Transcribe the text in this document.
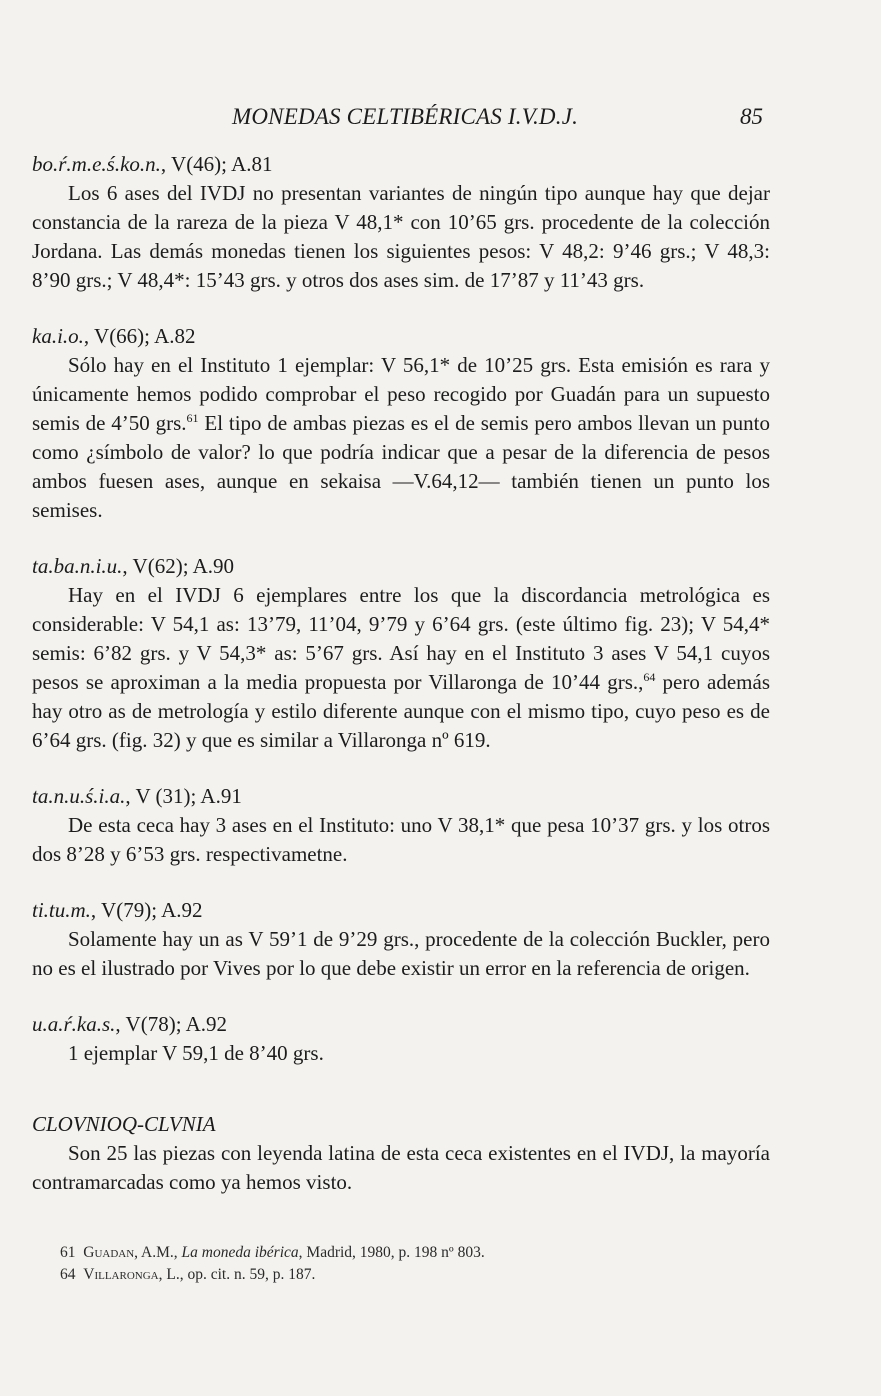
MONEDAS CELTIBÉRICAS I.V.D.J.	85
bo.ŕ.m.e.ś.ko.n., V(46); A.81

Los 6 ases del IVDJ no presentan variantes de ningún tipo aunque hay que dejar constancia de la rareza de la pieza V 48,1* con 10’65 grs. procedente de la colección Jordana. Las demás monedas tienen los siguientes pesos: V 48,2: 9’46 grs.; V 48,3: 8’90 grs.; V 48,4*: 15’43 grs. y otros dos ases sim. de 17’87 y 11’43 grs.

ka.i.o., V(66); A.82

Sólo hay en el Instituto 1 ejemplar: V 56,1* de 10’25 grs. Esta emisión es rara y únicamente hemos podido comprobar el peso recogido por Guadán para un supuesto semis de 4’50 grs.$^{61}$ El tipo de ambas piezas es el de semis pero ambos llevan un punto como ¿símbolo de valor? lo que podría indicar que a pesar de la diferencia de pesos ambos fuesen ases, aunque en sekaisa —V.64,12— también tienen un punto los semises.

ta.ba.n.i.u., V(62); A.90

Hay en el IVDJ 6 ejemplares entre los que la discordancia metrológica es considerable: V 54,1 as: 13’79, 11’04, 9’79 y 6’64 grs. (este último fig. 23); V 54,4* semis: 6’82 grs. y V 54,3* as: 5’67 grs. Así hay en el Instituto 3 ases V 54,1 cuyos pesos se aproximan a la media propuesta por Villaronga de 10’44 grs.,$^{64}$ pero además hay otro as de metrología y estilo diferente aunque con el mismo tipo, cuyo peso es de 6’64 grs. (fig. 32) y que es similar a Villaronga nº 619.

ta.n.u.ś.i.a., V (31); A.91

De esta ceca hay 3 ases en el Instituto: uno V 38,1* que pesa 10’37 grs. y los otros dos 8’28 y 6’53 grs. respectivametne.

ti.tu.m., V(79); A.92

Solamente hay un as V 59’1 de 9’29 grs., procedente de la colección Buckler, pero no es el ilustrado por Vives por lo que debe existir un error en la referencia de origen.

u.a.ŕ.ka.s., V(78); A.92

1 ejemplar V 59,1 de 8’40 grs.

CLOVNIOQ-CLVNIA

Son 25 las piezas con leyenda latina de esta ceca existentes en el IVDJ, la mayoría contramarcadas como ya hemos visto.

61 Guadan, A.M., La moneda ibérica, Madrid, 1980, p. 198 nº 803.

64 Villaronga, L., op. cit. n. 59, p. 187.
